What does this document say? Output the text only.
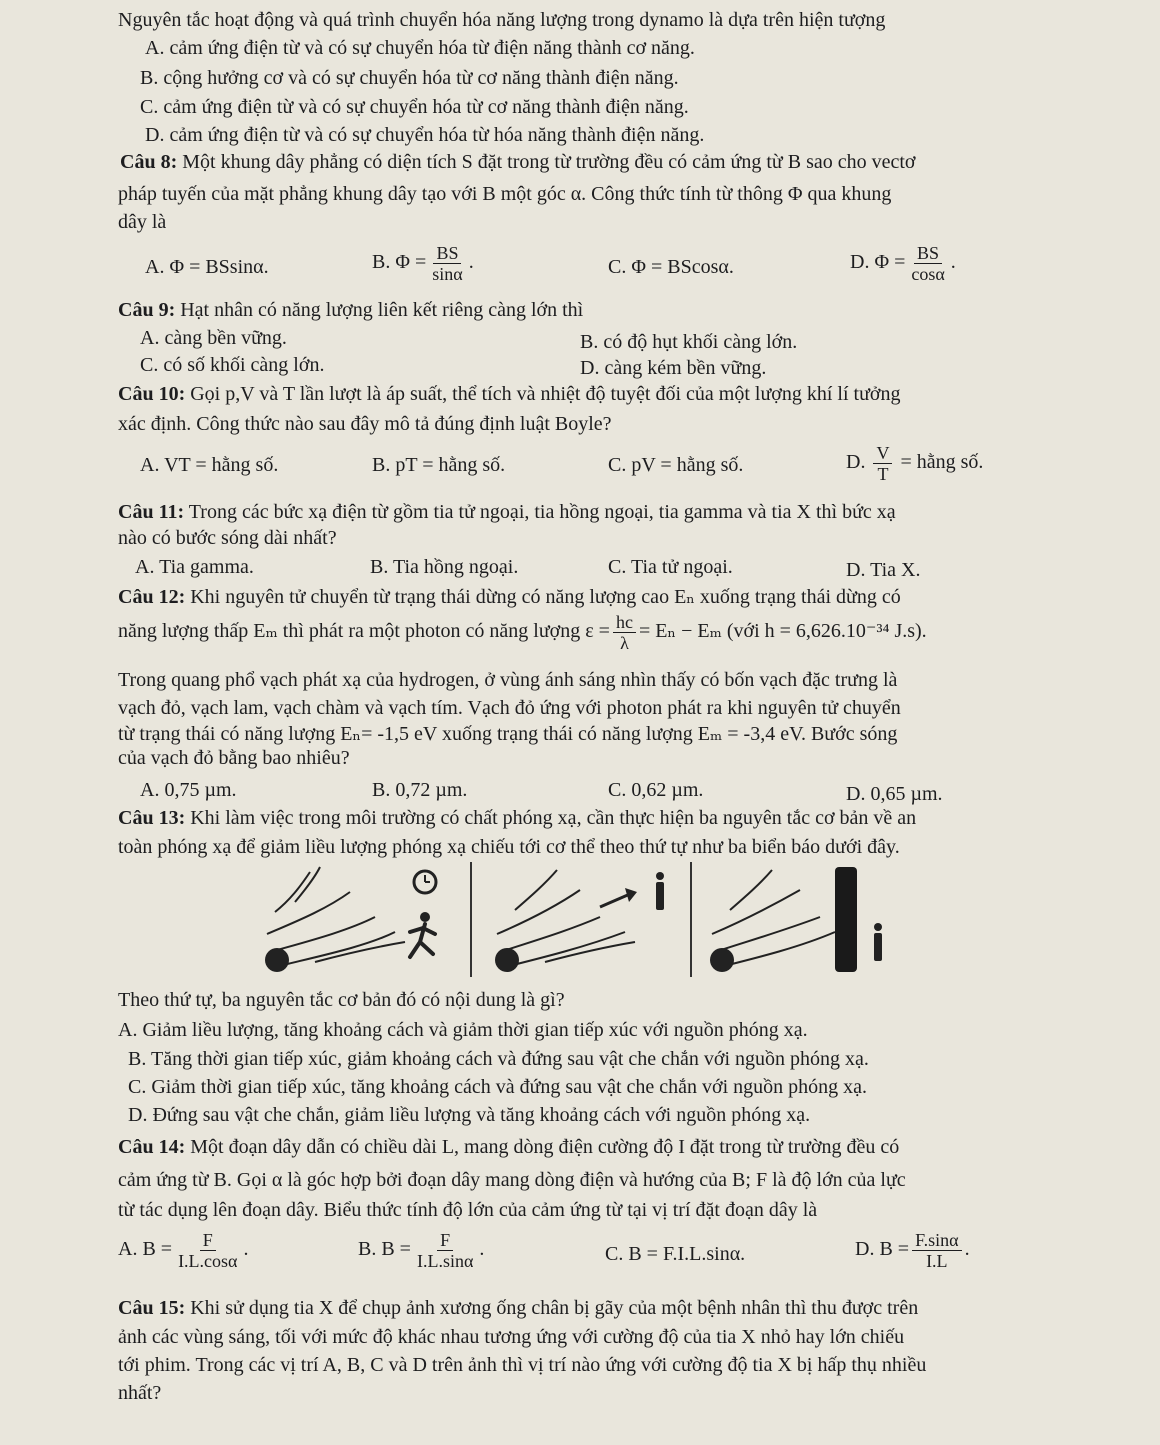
Nguyên tắc hoạt động và quá trình chuyển hóa năng lượng trong dynamo là dựa trên hiện tượng
A. cảm ứng điện từ và có sự chuyển hóa từ điện năng thành cơ năng.
B. cộng hưởng cơ và có sự chuyển hóa từ cơ năng thành điện năng.
C. cảm ứng điện từ và có sự chuyển hóa từ cơ năng thành điện năng.
D. cảm ứng điện từ và có sự chuyển hóa từ hóa năng thành điện năng.
Câu 8: Một khung dây phẳng có diện tích S đặt trong từ trường đều có cảm ứng từ B sao cho vectơ
pháp tuyến của mặt phẳng khung dây tạo với B một góc α. Công thức tính từ thông Φ qua khung
dây là
A. Φ = BSsinα.	B. $\Phi = \frac{BS}{\sin\alpha}$ .	C. Φ = BScosα.	D. $\Phi = \frac{BS}{\cos\alpha}$ .
Câu 9: Hạt nhân có năng lượng liên kết riêng càng lớn thì
A. càng bền vững.	B. có độ hụt khối càng lớn.
C. có số khối càng lớn.	D. càng kém bền vững.
Câu 10: Gọi p,V và T lần lượt là áp suất, thể tích và nhiệt độ tuyệt đối của một lượng khí lí tưởng
xác định. Công thức nào sau đây mô tả đúng định luật Boyle?
A. VT = hằng số.	B. pT = hằng số.	C. pV = hằng số.	D. $\frac{V}{T}$ = hằng số.
Câu 11: Trong các bức xạ điện từ gồm tia tử ngoại, tia hồng ngoại, tia gamma và tia X thì bức xạ
nào có bước sóng dài nhất?
A. Tia gamma.	B. Tia hồng ngoại.	C. Tia tử ngoại.	D. Tia X.
Câu 12: Khi nguyên tử chuyển từ trạng thái dừng có năng lượng cao Eₙ xuống trạng thái dừng có
năng lượng thấp Eₘ thì phát ra một photon có năng lượng $\varepsilon = \frac{hc}{\lambda} = E_n - E_m$ (với h = 6,626.10⁻³⁴ J.s).
Trong quang phổ vạch phát xạ của hydrogen, ở vùng ánh sáng nhìn thấy có bốn vạch đặc trưng là
vạch đỏ, vạch lam, vạch chàm và vạch tím. Vạch đỏ ứng với photon phát ra khi nguyên tử chuyển
từ trạng thái có năng lượng Eₙ= -1,5 eV xuống trạng thái có năng lượng Eₘ = -3,4 eV. Bước sóng
của vạch đỏ bằng bao nhiêu?
A. 0,75 µm.	B. 0,72 µm.	C. 0,62 µm.	D. 0,65 µm.
Câu 13: Khi làm việc trong môi trường có chất phóng xạ, cần thực hiện ba nguyên tắc cơ bản về an
toàn phóng xạ để giảm liều lượng phóng xạ chiếu tới cơ thể theo thứ tự như ba biển báo dưới đây.
Theo thứ tự, ba nguyên tắc cơ bản đó có nội dung là gì?
A. Giảm liều lượng, tăng khoảng cách và giảm thời gian tiếp xúc với nguồn phóng xạ.
B. Tăng thời gian tiếp xúc, giảm khoảng cách và đứng sau vật che chắn với nguồn phóng xạ.
C. Giảm thời gian tiếp xúc, tăng khoảng cách và đứng sau vật che chắn với nguồn phóng xạ.
D. Đứng sau vật che chắn, giảm liều lượng và tăng khoảng cách với nguồn phóng xạ.
Câu 14: Một đoạn dây dẫn có chiều dài L, mang dòng điện cường độ I đặt trong từ trường đều có
cảm ứng từ B. Gọi α là góc hợp bởi đoạn dây mang dòng điện và hướng của B; F là độ lớn của lực
từ tác dụng lên đoạn dây. Biểu thức tính độ lớn của cảm ứng từ tại vị trí đặt đoạn dây là
A. $B = \frac{F}{I.L.\cos\alpha}$ .	B. $B = \frac{F}{I.L.\sin\alpha}$ .	C. B = F.I.L.sinα.	D. $B = \frac{F.\sin\alpha}{I.L}$ .
Câu 15: Khi sử dụng tia X để chụp ảnh xương ống chân bị gãy của một bệnh nhân thì thu được trên
ảnh các vùng sáng, tối với mức độ khác nhau tương ứng với cường độ của tia X nhỏ hay lớn chiếu
tới phim. Trong các vị trí A, B, C và D trên ảnh thì vị trí nào ứng với cường độ tia X bị hấp thụ nhiều
nhất?
